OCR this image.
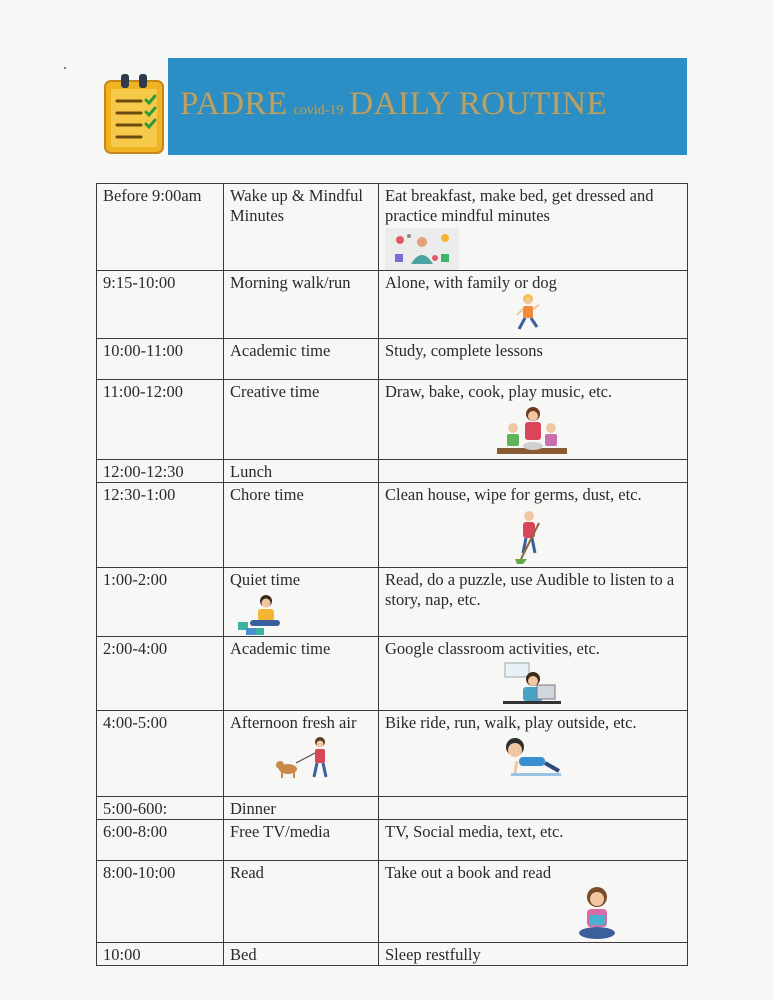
PADRE covid-19 DAILY ROUTINE
Before 9:00am	Wake up & Mindful Minutes	Eat breakfast, make bed, get dressed and practice mindful minutes

9:15-10:00	Morning walk/run	Alone, with family or dog

10:00-11:00	Academic time	Study, complete lessons
11:00-12:00	Creative time	Draw, bake, cook, play music, etc.

12:00-12:30	Lunch	
12:30-1:00	Chore time	Clean house, wipe for germs, dust, etc.

1:00-2:00	Quiet time	Read, do a puzzle, use Audible to listen to a story, nap, etc.
2:00-4:00	Academic time	Google classroom activities, etc.

4:00-5:00	Afternoon fresh air	Bike ride, run, walk, play outside, etc.

5:00-600:	Dinner	
6:00-8:00	Free TV/media	TV, Social media, text, etc.
8:00-10:00	Read	Take out a book and read

10:00	Bed	Sleep restfully
